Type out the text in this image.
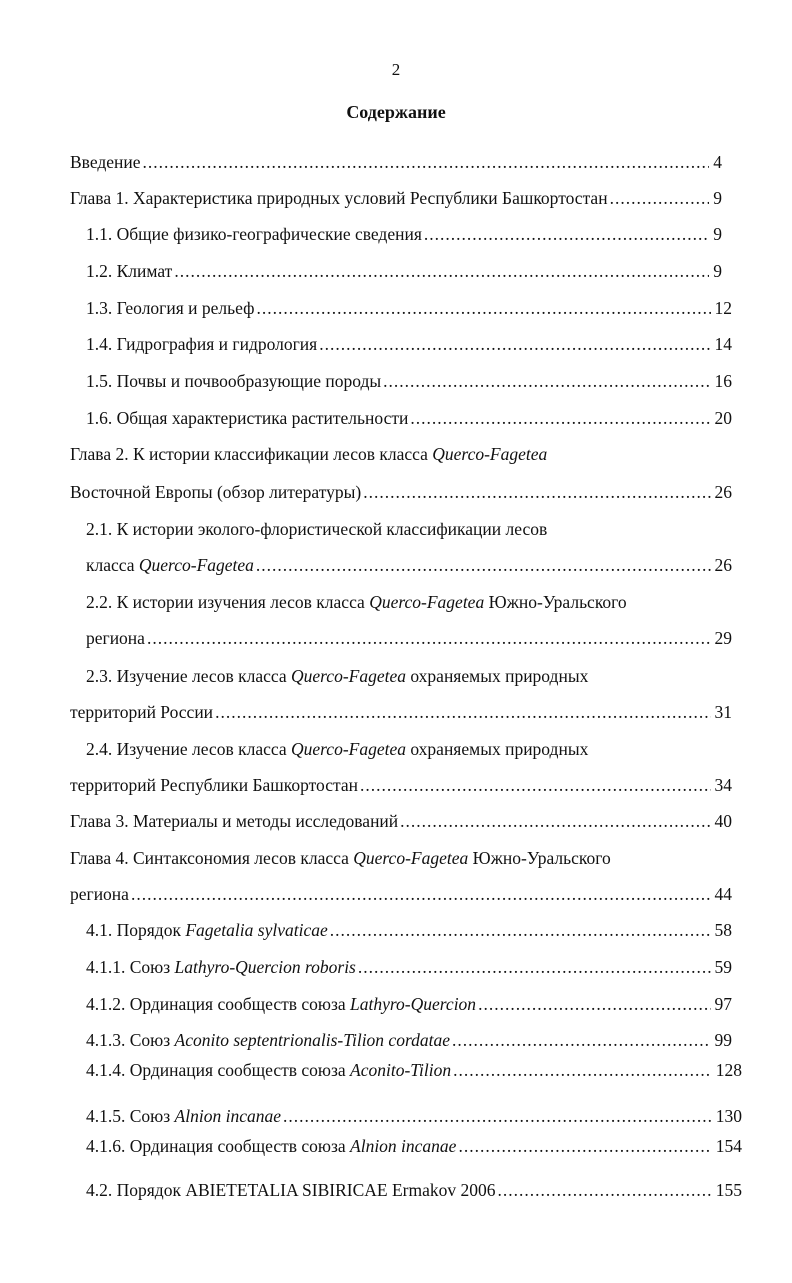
2
Содержание
Введение .....	4
Глава 1. Характеристика природных условий Республики Башкортостан .....	9
1.1. Общие физико-географические сведения .....	9
1.2. Климат .....	9
1.3. Геология и рельеф .....	12
1.4. Гидрография и гидрология .....	14
1.5. Почвы и почвообразующие породы .....	16
1.6. Общая характеристика растительности .....	20
Глава 2. К истории классификации лесов класса Querco-Fagetea
Восточной Европы (обзор литературы) .....	26
2.1. К истории эколого-флористической классификации лесов
класса Querco-Fagetea .....	26
2.2. К истории изучения лесов класса Querco-Fagetea Южно-Уральского
региона .....	29
2.3. Изучение лесов класса Querco-Fagetea охраняемых природных
территорий России .....	31
2.4. Изучение лесов класса Querco-Fagetea охраняемых природных
территорий Республики Башкортостан .....	34
Глава 3. Материалы и методы исследований .....	40
Глава 4. Синтаксономия лесов класса Querco-Fagetea Южно-Уральского
региона .....	44
4.1. Порядок Fagetalia sylvaticae .....	58
4.1.1. Союз Lathyro-Quercion roboris .....	59
4.1.2. Ординация сообществ союза Lathyro-Quercion .....	97
4.1.3. Союз Aconito septentrionalis-Tilion cordatae .....	99
4.1.4. Ординация сообществ союза Aconito-Tilion .....	128
4.1.5. Союз Alnion incanae .....	130
4.1.6. Ординация сообществ союза Alnion incanae .....	154
4.2. Порядок ABIETETALIA SIBIRICAE Ermakov 2006 .....	155
